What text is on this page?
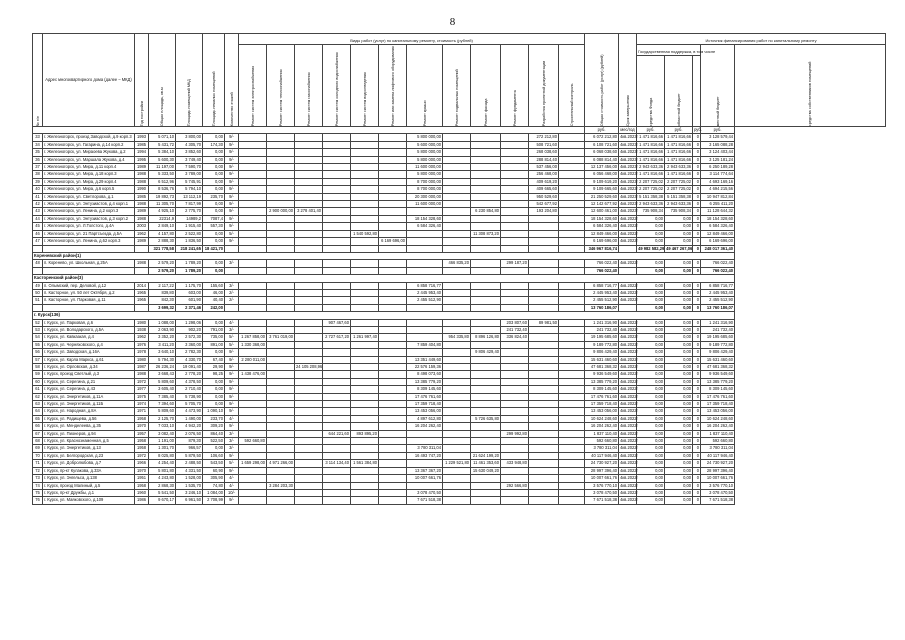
8
№ п/п	Адрес многоквартирного дома (далее – МКД)	Год постройки	Общая площадь, кв.м	Площадь помещений МКД	Площадь нежилых помещений	Количество этажей	Виды работ (услуг) по капитальному ремонту, стоимость (рублей)												Общая стоимость работ (услуг) (рублей)	Срок завершения	Источник финансирования работ по капитальному ремонту				
							Ремонт систем электроснабжения	Ремонт систем теплоснабжения	Ремонт систем газоснабжения	Ремонт систем холодного водоснабжения	Ремонт систем водоотведения	Ремонт или замена лифтового оборудования	Ремонт крыши	Ремонт подвальных помещений	Ремонт фасада	Ремонт фундамента	Разработка проектной документации	Строительный контроль			Государственная поддержка, в том числе			местный бюджет	средства собственников помещений
																					средства Фонда	областной бюджет			
																			руб.	мес/год	руб.	руб.	руб.	руб.	
33	г. Железногорск, проезд Заводской, д.9 корп.3	1993	5 071,10	3 800,00	0,00	9/-							5 800 000,00				272 212,80		6 072 212,80	4кв.2023г	1 471 816,66	1 471 816,66	0	3 128 579,44	
34	г. Железногорск, ул. Гагарина, д.14 корп.2	1985	5 431,72	4 305,70	174,30	9/-							5 600 000,00				508 721,60		6 108 721,60	4кв.2023г	1 471 816,66	1 471 816,66	0	3 165 088,28	
35	г. Железногорск, ул. Мираоева Жукова, д.2	1994	5 384,10	3 852,60	0,00	9/-							5 800 000,00				268 038,60		6 068 038,60	4кв.2023г	1 471 816,66	1 471 816,66	0	3 124 403,44	
36	г. Железногорск, ул. Маршала Жукова, д.4	1995	5 600,30	3 749,40	0,00	9/-							5 800 000,00				288 814,40		6 088 814,40	4кв.2023г	1 471 816,66	1 471 816,66	0	3 125 181,24	
37	г. Железногорск, ул. Мира, д.11 корп.4	1989	11 197,00	7 590,70	0,00	9/-							11 600 000,00				537 456,00		12 137 456,00	4кв.2023г	2 943 633,36	2 943 633,36	0	6 250 189,28	
38	г. Железногорск, ул. Мира, д.18 корп.3	1988	5 333,50	3 789,00	0,00	9/-							5 800 000,00				256 468,00		6 056 468,00	4кв.2023г	1 471 816,66	1 471 816,66	0	3 114 774,64	
39	г. Железногорск, ул. Мира, д.29 корп.4	1988	6 512,96	5 745,91	0,00	9/-							8 700 000,00				409 619,20		9 109 619,20	4кв.2023г	2 207 725,02	2 207 725,02	0	4 693 169,16	
40	г. Железногорск, ул. Мира, д.6 корп.5	1990	8 536,76	5 794,10	0,00	9/-							8 700 000,00				409 665,60		9 109 665,60	4кв.2023г	2 207 725,02	2 207 725,02	0	4 694 215,56	
41	г. Железногорск, ул. Светлорова, д.1	1985	19 892,73	13 112,19	235,70	9/-							20 300 000,00				950 529,60		21 250 529,60	4кв.2023г	5 151 358,38	5 151 358,38	0	10 947 812,84	
42	г. Железногорск, ул. Энтузиастов, д.4 корп.1	1988	11 305,70	7 817,99	0,00	9/-							11 600 000,00				542 677,92		12 142 677,92	4кв.2023г	2 943 633,36	2 943 633,36	0	6 255 411,20	
43	г. Железногорск, ул. Ленина, д.2 корп.3	1989	4 925,10	2 775,70	0,00	9/-		2 900 000,00	3 278 401,40						6 230 854,80		193 204,80		12 600 461,00	4кв.2023г	735 908,34	735 908,34	0	11 128 644,32	
44	г. Железногорск, ул. Энтузиастов, д.3 корп.2	1988	22314,9	14989,2	7087,4	9/-							18 154 328,60						18 154 328,60	4кв.2022г	0,00	0,00	0	18 154 328,60	
45	г. Железногорск, ул. Л.Толстого, д.4А	2003	2 849,10	1 915,40	557,30	9/-							6 584 326,40						6 584 326,40	4кв.2022г	0,00	0,00	0	6 584 326,40	
46	г. Железногорск, ул. 21 Партсъезда, д.5А	1962	4 157,80	2 522,80	0,00	5/-					1 540 592,80				11 308 873,20				12 849 466,00	4кв.2022г	0,00	0,00	0	12 849 466,00	
47	г. Железногорск, ул. Ленина, д.62 корп.3	1989	2 888,30	1 836,50	0,00	9/-						6 169 696,00							6 169 696,00	4кв.2022г	0,00	0,00	0	6 169 696,00	
			321 778,58	218 241,65	18 421,70														346 967 816,74		49 982 582,29	49 467 267,06	0	248 017 361,40	
Кореневский район(1)																									
48	п. Коренево, ул. Школьная, д.25А	1988	2 579,20	1 789,20	0,00	3/-								466 835,20		299 187,20			766 022,40	4кв.2022г	0,00	0,00	0	766 022,40	
			2 579,20	1 789,20	0,00														766 022,40		0,00	0,00	0	766 022,40	
Касторенский район(3)																									
49	п. Олымский, пер. Деловой, д.12	2014	2 117,22	1 175,70	155,60	3/-							6 858 716,77						6 858 716,77	4кв.2022г	0,00	0,00	0	6 858 716,77	
50	п. Касторное, ул. 50 лет Октября, д.2	1965	839,80	603,00	46,00	2/-							2 445 953,40						2 445 953,40	4кв.2022г	0,00	0,00	0	2 445 953,40	
51	п. Касторное, ул. Парковая, д.11	1965	842,30	601,90	40,40	2/-							2 455 512,90						2 455 512,90	4кв.2022г	0,00	0,00	0	2 455 512,90	
			3 699,32	2 371,46	242,00														13 760 186,07		0,00	0,00	0	13 760 186,07	
г. Курск(136)																									
52	г. Курск, ул. Парковая, д.6	1980	1 088,00	1 298,06	0,00	4/-				907 467,60						203 807,60	89 981,50		1 241 316,90	4кв.2022г	0,00	0,00	0	1 241 316,90	
53	г. Курск, ул. Володарского, д.5А	1938	2 063,90	902,20	791,00	3/-										241 732,40			241 732,40	4кв.2022г	0,00	0,00	0	241 732,40	
54	г. Курск, ул. Кавказкая, д.4	1962	3 352,20	2 572,30	735,00	5/-	1 267 858,00	3 761 019,00		2 727 617,20	1 261 997,40			954 335,80	8 896 126,80	336 824,40			19 195 685,60	4кв.2022г	0,00	0,00	0	19 195 685,60	
55	г. Курск, ул. Черняховского, д.4	1976	3 411,20	3 360,00	891,00	5/-	1 330 368,00						7 859 404,80						9 189 772,80	4кв.2022г	0,00	0,00	0	9 189 772,80	
56	г. Курск, ул. Заводская, д.16А	1978	3 640,10	2 782,30	0,00	9/-									9 806 429,40				9 806 429,40	4кв.2022г	0,00	0,00	0	9 806 429,40	
57	г. Курск, ул. Карла Маркса, д.61	1980	5 794,30	4 330,70	67,40	9/-	2 280 011,00						13 351 449,60						15 631 460,60	4кв.2022г	0,00	0,00	0	15 631 460,60	
58	г. Курск, ул. Орловская, д.34	1987	26 236,24	19 091,40	29,90	9/-			24 105 208,96				22 576 159,36						47 681 368,32	4кв.2022г	0,00	0,00	0	47 681 368,32	
59	г. Курск, проезд Светлый, д.3	1988	3 668,43	2 778,20	98,25	9/-	1 438 476,00						8 498 073,60						9 936 549,60	4кв.2022г	0,00	0,00	0	9 936 549,60	
60	г. Курск, ул. Серегина, д.21	1972	5 809,60	4 378,50	0,00	9/-							13 385 779,20						13 385 779,20	4кв.2022г	0,00	0,00	0	13 385 779,20	
61	г. Курск, ул. Серегина, д.43	1977	3 605,40	2 710,40	0,00	9/-							8 309 145,60						8 309 145,60	4кв.2022г	0,00	0,00	0	8 309 145,60	
62	г. Курск, ул. Энергетиков, д.11А	1975	7 385,40	5 738,90	0,00	9/-							17 476 761,60						17 476 761,60	4кв.2022г	0,00	0,00	0	17 476 761,60	
63	г. Курск, ул. Энергетиков, д.11Б	1974	7 394,60	5 705,70	0,00	9/-							17 359 718,40						17 359 718,40	4кв.2022г	0,00	0,00	0	17 359 718,40	
64	г. Курск, ул. Народная, д.8А	1971	5 809,60	4 473,90	1 090,10	9/-							13 453 056,00						13 453 056,00	4кв.2022г	0,00	0,00	0	13 453 056,00	
65	г. Курск, ул. Радищева, д.56	1958	2 125,70	1 490,00	233,70	4/-							4 897 612,80		5 726 635,80				10 624 248,60	4кв.2022г	0,00	0,00	0	10 624 248,60	
66	г. Курск, ул. Менделеева, д.35	1970	7 033,10	4 942,20	309,20	9/-							16 204 262,40						16 204 262,40	4кв.2022г	0,00	0,00	0	16 204 262,40	
67	г. Курск, ул. Пионеров, д.94	1957	3 082,40	2 076,50	864,40	3/-				644 221,60	893 895,20					299 992,80			1 837 110,40	4кв.2022г	0,00	0,00	0	1 837 110,40	
68	г. Курск, ул. Краснознаменная, д.5	1958	1 191,00	879,30	522,50	3/-	592 660,80												592 660,80	4кв.2022г	0,00	0,00	0	592 660,80	
69	г. Курск, ул. Энергетиков, д.13	1958	1 301,70	966,57	0,00	3/-							3 780 311,04						3 780 311,04	4кв.2022г	0,00	0,00	0	3 780 311,04	
70	г. Курск, ул. Белгородская, д.23	1972	8 025,80	5 879,50	106,60	9/-							16 493 747,20		21 624 199,20				40 117 946,40	4кв.2022г	0,00	0,00	0	40 117 946,40	
71	г. Курск, ул. Добролюбова, д.7	1966	4 254,40	2 488,50	543,50	5/-	1 659 298,00	4 971 266,00		3 114 134,40	1 561 384,80			1 229 521,80	11 461 353,60	433 948,80			24 730 927,20	4кв.2022г	0,00	0,00	0	24 730 927,20	
72	г. Курск, пр-кт Кулакова, д.33А	1970	5 801,80	4 331,50	60,90	9/-							13 367 367,20		15 630 049,20				28 997 396,40	4кв.2022г	0,00	0,00	0	28 997 396,40	
73	г. Курск, ул. Энгельса, д.138	1951	4 243,80	1 528,00	305,90	4/-							10 007 661,76						10 007 661,76	4кв.2022г	0,00	0,00	0	10 007 661,76	
74	г. Курск, проезд Малиный, д.5	1958	2 868,30	1 535,70	74,80	4/-		3 284 203,30								292 566,80			3 576 770,10	4кв.2022г	0,00	0,00	0	3 576 770,10	
75	г. Курск, пр-кт Дружбы, д.1	1960	5 541,50	3 246,10	1 084,00	10/-							3 078 470,50						3 078 470,50	4кв.2022г	0,00	0,00	0	3 078 470,50	
76	г. Курск, ул. Маяковского, д.109	1986	9 670,17	6 961,50	2 708,99	9/-							7 671 518,38						7 671 518,38	4кв.2022г	0,00	0,00	0	7 671 518,38	
